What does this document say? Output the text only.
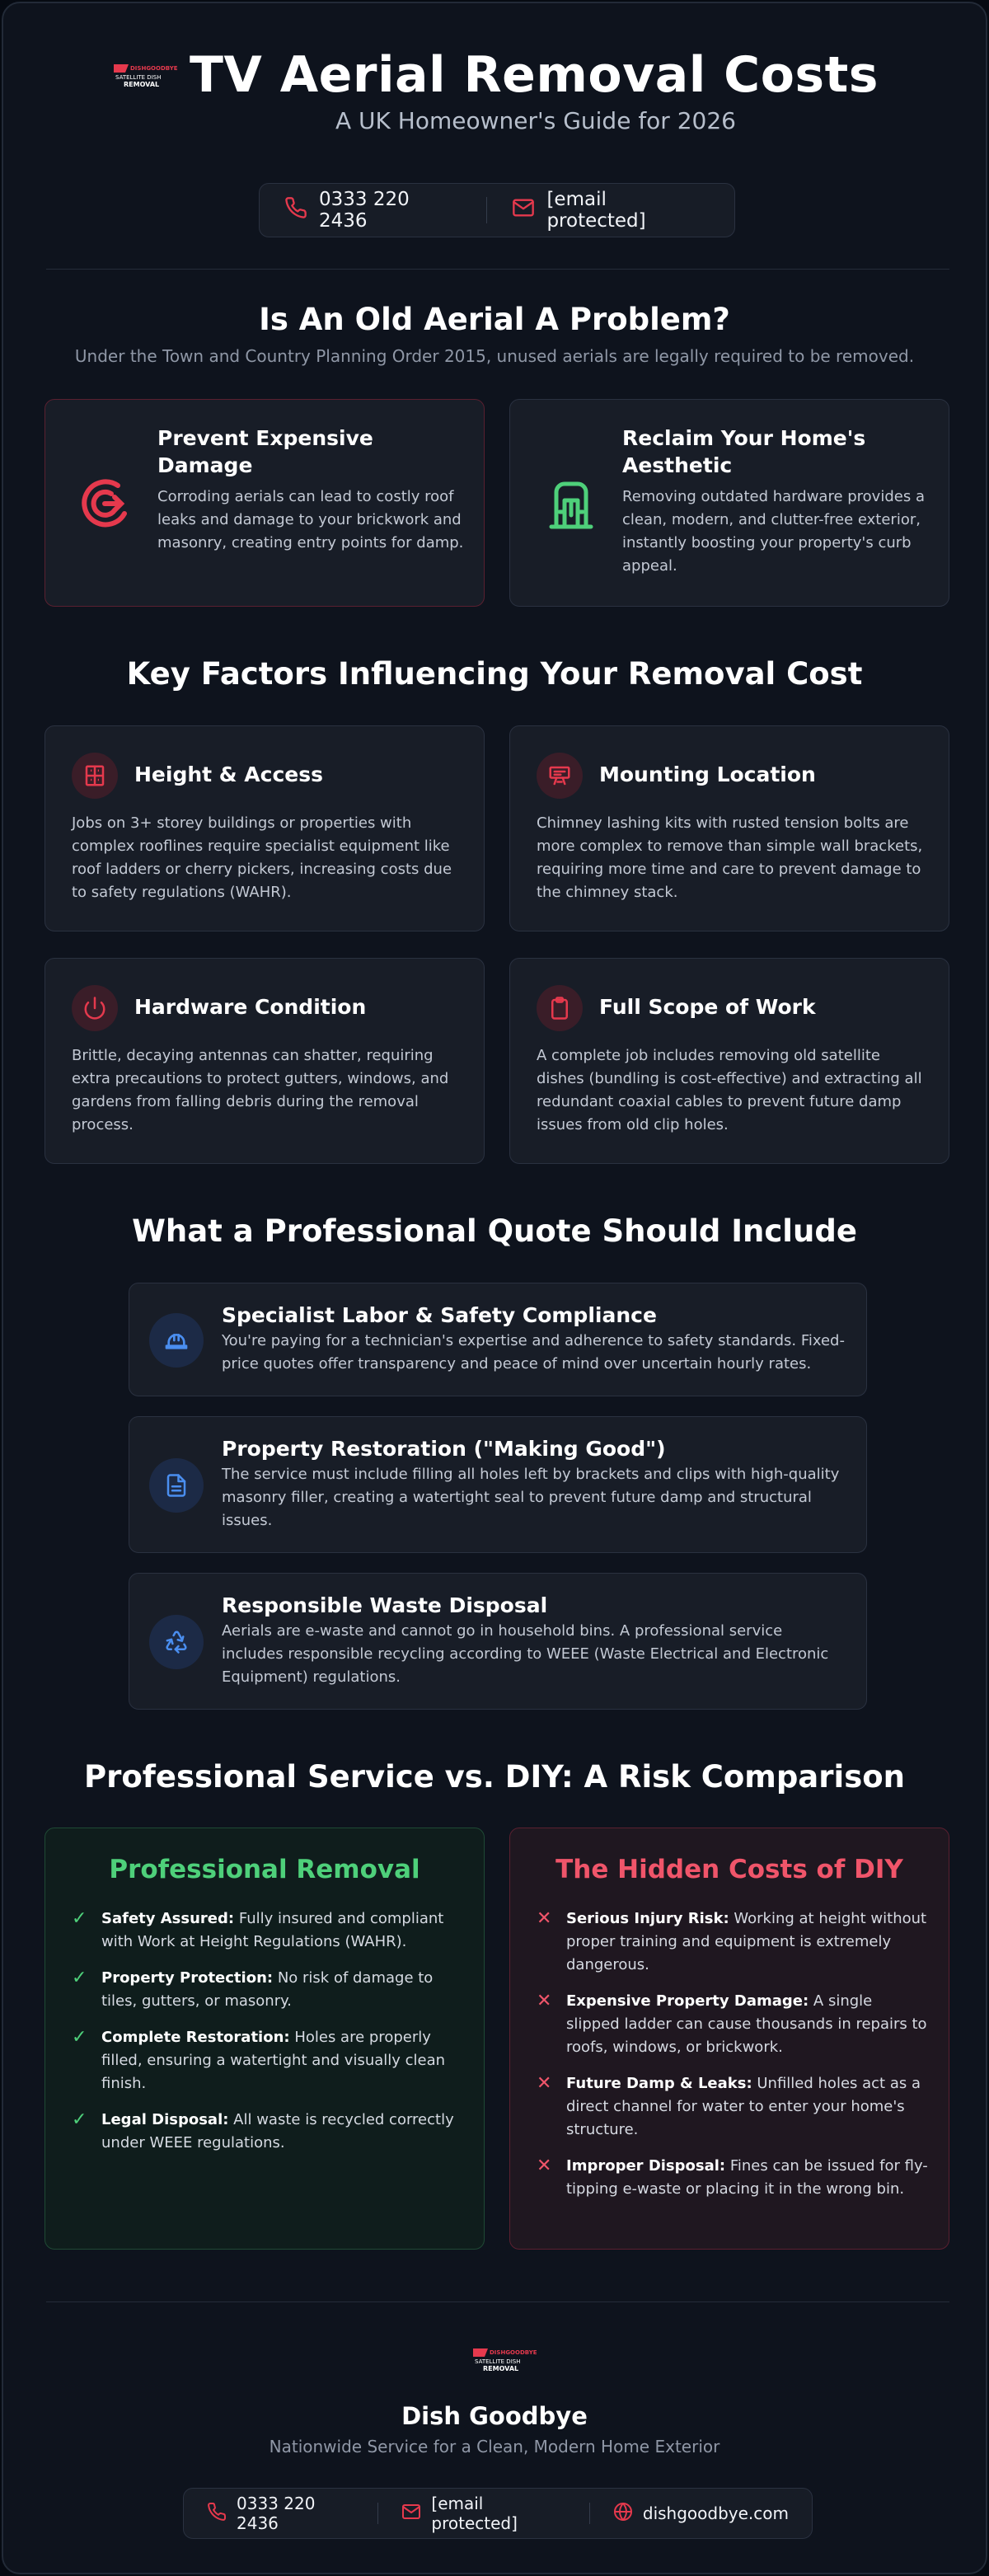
DISHGOODBYE
SATELLITE DISH
REMOVAL TV Aerial Removal Costs
A UK Homeowner's Guide for 2026
0333 220 2436
[email protected]
Is An Old Aerial A Problem?
Under the Town and Country Planning Order 2015, unused aerials are legally required to be removed.
Prevent Expensive Damage
Corroding aerials can lead to costly roof leaks and damage to your brickwork and masonry, creating entry points for damp.
Reclaim Your Home's Aesthetic
Removing outdated hardware provides a clean, modern, and clutter-free exterior, instantly boosting your property's curb appeal.
Key Factors Influencing Your Removal Cost
Height & Access
Jobs on 3+ storey buildings or properties with complex rooflines require specialist equipment like roof ladders or cherry pickers, increasing costs due to safety regulations (WAHR).
Mounting Location
Chimney lashing kits with rusted tension bolts are more complex to remove than simple wall brackets, requiring more time and care to prevent damage to the chimney stack.
Hardware Condition
Brittle, decaying antennas can shatter, requiring extra precautions to protect gutters, windows, and gardens from falling debris during the removal process.
Full Scope of Work
A complete job includes removing old satellite dishes (bundling is cost-effective) and extracting all redundant coaxial cables to prevent future damp issues from old clip holes.
What a Professional Quote Should Include
Specialist Labor & Safety Compliance
You're paying for a technician's expertise and adherence to safety standards. Fixed-price quotes offer transparency and peace of mind over uncertain hourly rates.
Property Restoration ("Making Good")
The service must include filling all holes left by brackets and clips with high-quality masonry filler, creating a watertight seal to prevent future damp and structural issues.
Responsible Waste Disposal
Aerials are e-waste and cannot go in household bins. A professional service includes responsible recycling according to WEEE (Waste Electrical and Electronic Equipment) regulations.
Professional Service vs. DIY: A Risk Comparison
Professional Removal
✓ Safety Assured: Fully insured and compliant with Work at Height Regulations (WAHR).
✓ Property Protection: No risk of damage to tiles, gutters, or masonry.
✓ Complete Restoration: Holes are properly filled, ensuring a watertight and visually clean finish.
✓ Legal Disposal: All waste is recycled correctly under WEEE regulations.
The Hidden Costs of DIY
✕ Serious Injury Risk: Working at height without proper training and equipment is extremely dangerous.
✕ Expensive Property Damage: A single slipped ladder can cause thousands in repairs to roofs, windows, or brickwork.
✕ Future Damp & Leaks: Unfilled holes act as a direct channel for water to enter your home's structure.
✕ Improper Disposal: Fines can be issued for fly-tipping e-waste or placing it in the wrong bin.
DISHGOODBYE
SATELLITE DISH
REMOVAL
Dish Goodbye
Nationwide Service for a Clean, Modern Home Exterior
0333 220 2436
[email protected]	dishgoodbye.com
